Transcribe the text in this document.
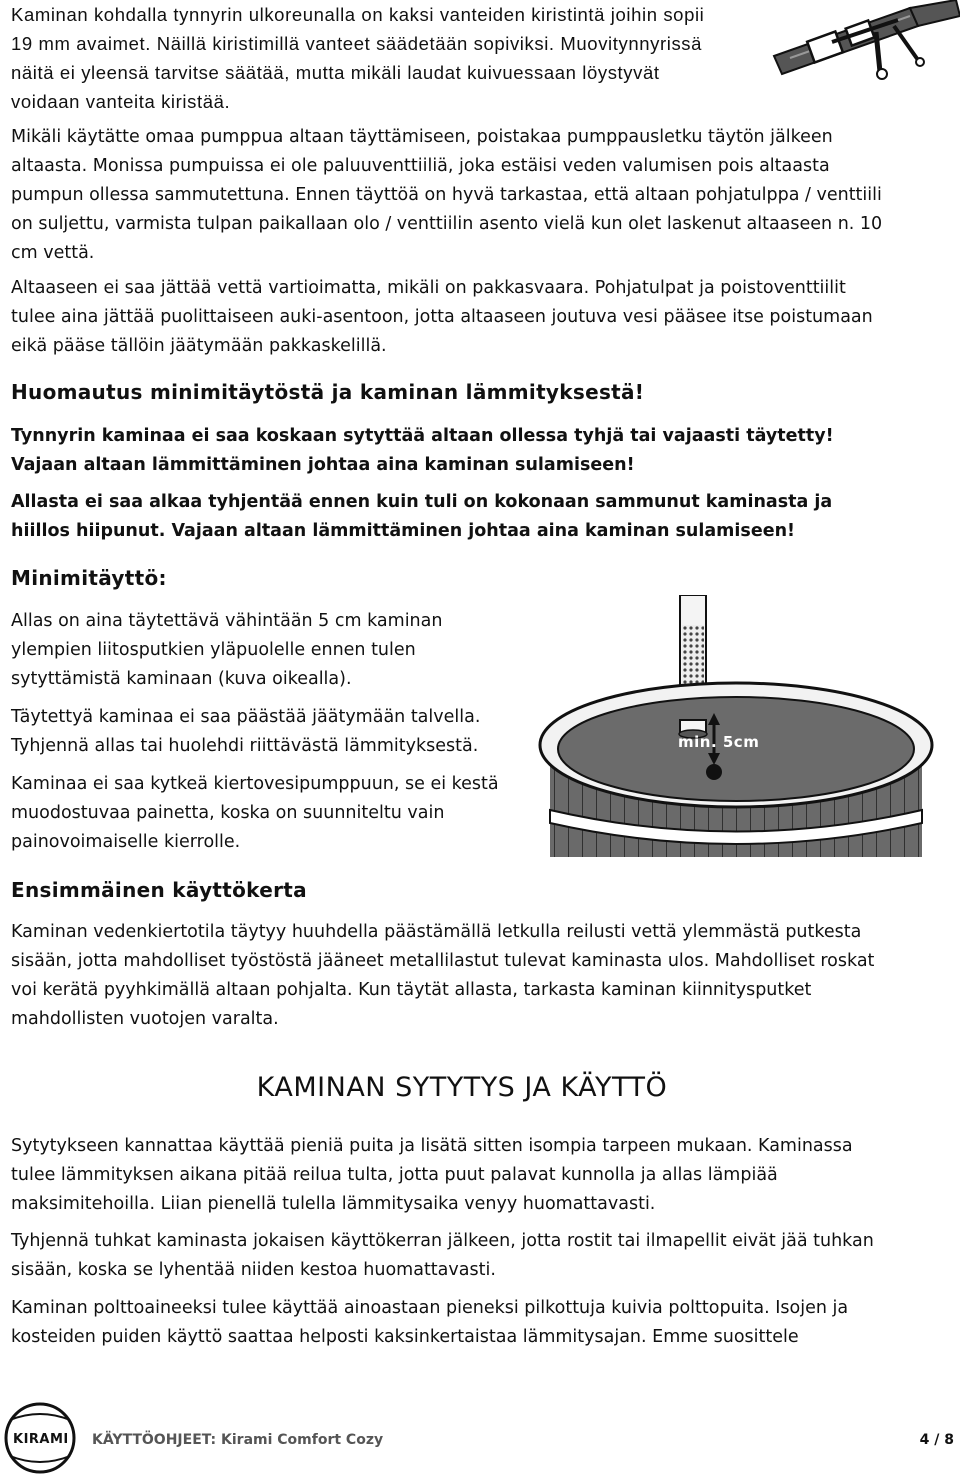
Kaminan kohdalla tynnyrin ulkoreunalla on kaksi vanteiden kiristintä joihin sopii
19 mm avaimet. Näillä kiristimillä vanteet säädetään sopiviksi. Muovitynnyrissä
näitä ei yleensä tarvitse säätää, mutta mikäli laudat kuivuessaan löystyvät
voidaan vanteita kiristää.
Mikäli käytätte omaa pumppua altaan täyttämiseen, poistakaa pumppausletku täytön jälkeen
altaasta. Monissa pumpuissa ei ole paluuventtiiliä, joka estäisi veden valumisen pois altaasta
pumpun ollessa sammutettuna. Ennen täyttöä on hyvä tarkastaa, että altaan pohjatulppa / venttiili
on suljettu, varmista tulpan paikallaan olo / venttiilin asento vielä kun olet laskenut altaaseen n. 10
cm vettä.
Altaaseen ei saa jättää vettä vartioimatta, mikäli on pakkasvaara. Pohjatulpat ja poistoventtiilit
tulee aina jättää puolittaiseen auki-asentoon, jotta altaaseen joutuva vesi pääsee itse poistumaan
eikä pääse tällöin jäätymään pakkaskelillä.
Huomautus minimitäytöstä ja kaminan lämmityksestä!
Tynnyrin kaminaa ei saa koskaan sytyttää altaan ollessa tyhjä tai vajaasti täytetty!
Vajaan altaan lämmittäminen johtaa aina kaminan sulamiseen!
Allasta ei saa alkaa tyhjentää ennen kuin tuli on kokonaan sammunut kaminasta ja
hiillos hiipunut. Vajaan altaan lämmittäminen johtaa aina kaminan sulamiseen!
Minimitäyttö:
Allas on aina täytettävä vähintään 5 cm kaminan
ylempien liitosputkien yläpuolelle ennen tulen
sytyttämistä kaminaan (kuva oikealla).
Täytettyä kaminaa ei saa päästää jäätymään talvella.
Tyhjennä allas tai huolehdi riittävästä lämmityksestä.
Kaminaa ei saa kytkeä kiertovesipumppuun, se ei kestä
muodostuvaa painetta, koska on suunniteltu vain
painovoimaiselle kierrolle.
min. 5cm
Ensimmäinen käyttökerta
Kaminan vedenkiertotila täytyy huuhdella päästämällä letkulla reilusti vettä ylemmästä putkesta
sisään, jotta mahdolliset työstöstä jääneet metallilastut tulevat kaminasta ulos. Mahdolliset roskat
voi kerätä pyyhkimällä altaan pohjalta. Kun täytät allasta, tarkasta kaminan kiinnitysputket
mahdollisten vuotojen varalta.
KAMINAN SYTYTYS JA KÄYTTÖ
Sytytykseen kannattaa käyttää pieniä puita ja lisätä sitten isompia tarpeen mukaan. Kaminassa
tulee lämmityksen aikana pitää reilua tulta, jotta puut palavat kunnolla ja allas lämpiää
maksimitehoilla. Liian pienellä tulella lämmitysaika venyy huomattavasti.
Tyhjennä tuhkat kaminasta jokaisen käyttökerran jälkeen, jotta rostit tai ilmapellit eivät jää tuhkan
sisään, koska se lyhentää niiden kestoa huomattavasti.
Kaminan polttoaineeksi tulee käyttää ainoastaan pieneksi pilkottuja kuivia polttopuita. Isojen ja
kosteiden puiden käyttö saattaa helposti kaksinkertaistaa lämmitysajan. Emme suosittele
KIRAMI KÄYTTÖOHJEET: Kirami Comfort Cozy	4 / 8
